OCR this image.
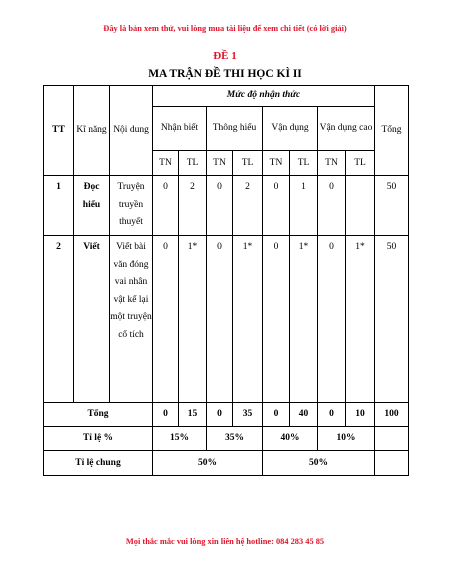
Đây là bản xem thử, vui lòng mua tài liệu để xem chi tiết (có lời giải)
ĐỀ 1
MA TRẬN ĐỀ THI HỌC KÌ II
TT	Kĩ năng	Nội dung	Mức độ nhận thức								Tổng
			Nhận biết		Thông hiểu		Vận dụng		Vận dụng cao		
			TN	TL	TN	TL	TN	TL	TN	TL	
1	Đọc hiểu	Truyện truyền thuyết	0	2	0	2	0	1	0		50
2	Viết	Viết bài văn đóng vai nhân vật kể lại một truyện cổ tích	0	1*	0	1*	0	1*	0	1*	50
Tổng			0	15	0	35	0	40	0	10	100
Tỉ lệ %			15%		35%		40%		10%		
Tỉ lệ chung			50%				50%				
Mọi thắc mắc vui lòng xin liên hệ hotline: 084 283 45 85
